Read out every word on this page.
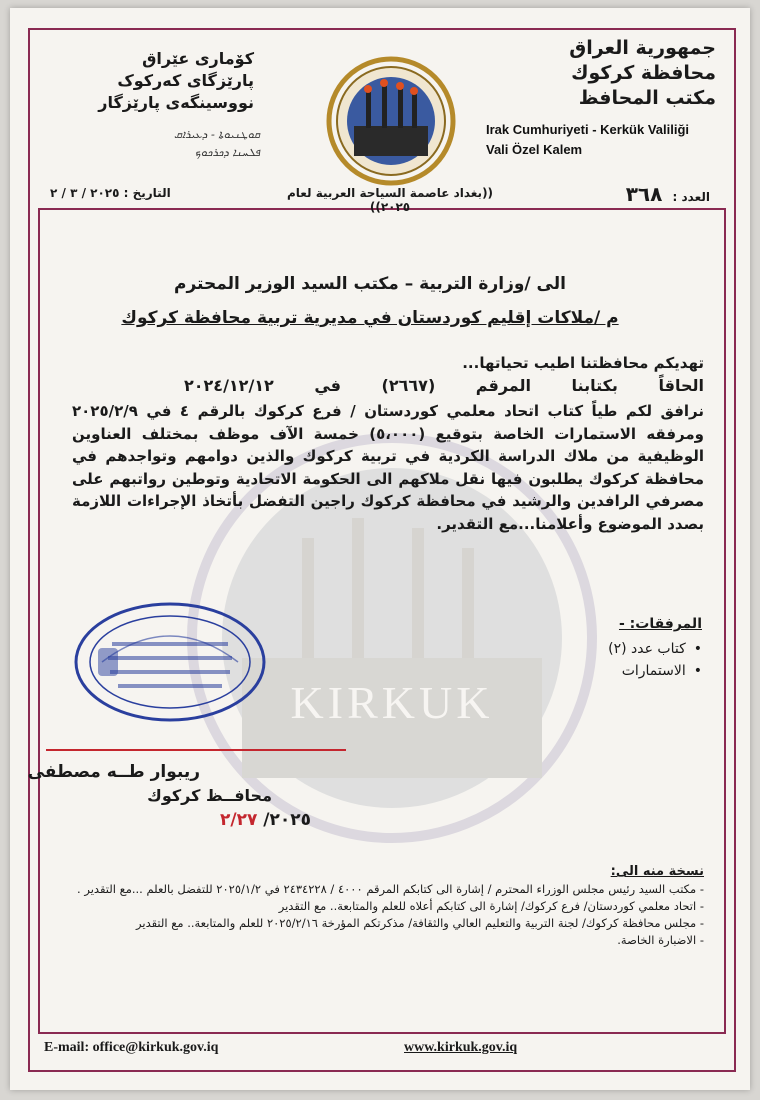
KIRKUK
جمهورية العراق
محافظة كركوك
مكتب المحافظ
Irak Cumhuriyeti - Kerkük Valiliği
Vali Özel Kalem
كۆماری عێراق
پارێزگای کەرکوک
نووسینگەی پارێزگار
ܩܘܛܢܝܘܬܐ - ܕܥܝܪܐܩ
ܦܠܚܢܐ ܕܟܪܟܘܟ
العدد : ٣٦٨
((بغداد عاصمة السياحة العربية لعام ٢٠٢٥))
التاريخ : ٢٠٢٥ / ٣ / ٢
الى /وزارة التربية – مكتب السيد الوزير المحترم
م /ملاكات إقليم كوردستان في مديرية تربية محافظة كركوك
تهديكم محافظتنا اطيب تحياتها...
الحاقاً بكتابنا المرقم (٢٦٦٧) في ٢٠٢٤/١٢/١٢
نرافق لكم طياً كتاب اتحاد معلمي كوردستان / فرع كركوك بالرقم ٤ في ٢٠٢٥/٢/٩ ومرفقه الاستمارات الخاصة بتوقيع (٥،٠٠٠) خمسة الآف موظف بمختلف العناوين الوظيفية من ملاك الدراسة الكردية في تربية كركوك والذين دوامهم وتواجدهم في محافظة كركوك يطلبون فيها نقل ملاكهم الى الحكومة الاتحادية وتوطين رواتبهم على مصرفي الرافدين والرشيد في محافظة كركوك راجين التفضل بأتخاذ الإجراءات اللازمة بصدد الموضوع وأعلامنا...مع التقدير.
المرفقات: -
• كتاب عدد (٢)
• الاستمارات
ريبوار طــه مصطفى
محافــظ كركوك
٢٠٢٥/ ٢/٢٧
نسخة منه الى:
- مكتب السيد رئيس مجلس الوزراء المحترم / إشارة الى كتابكم المرقم ٤٠٠٠ / ٢٤٣٤٢٢٨ في ٢٠٢٥/١/٢ للتفضل بالعلم ...مع التقدير .
- اتحاد معلمي كوردستان/ فرع كركوك/ إشارة الى كتابكم أعلاه للعلم والمتابعة.. مع التقدير
- مجلس محافظة كركوك/ لجنة التربية والتعليم العالي والثقافة/ مذكرتكم المؤرخة ٢٠٢٥/٢/١٦ للعلم والمتابعة.. مع التقدير
- الاضبارة الخاصة.
E-mail: office@kirkuk.gov.iq	www.kirkuk.gov.iq
